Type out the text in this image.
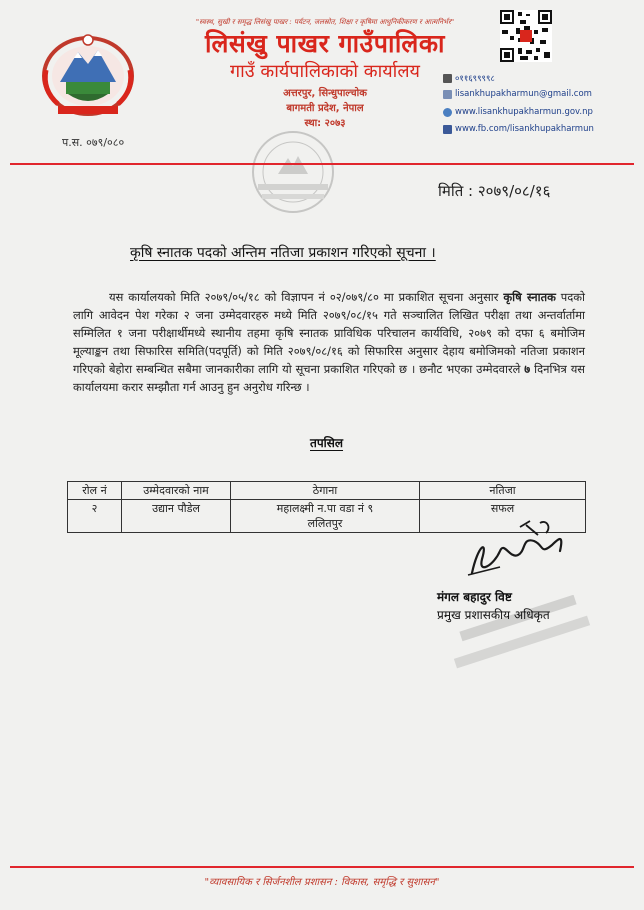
"स्वस्थ, सुखी र समृद्ध लिसंखु पाखर : पर्यटन, जलस्रोत, शिक्षा र कृषिमा आधुनिकीकरण र आत्मनिर्भर"
लिसंखु पाखर गाउँपालिका
गाउँ कार्यपालिकाको कार्यालय
अत्तरपुर, सिन्धुपाल्चोक
बागमती प्रदेश, नेपाल
स्था: २०७३
०११६९९९९८
lisankhupakharmun@gmail.com
www.lisankhupakharmun.gov.np
www.fb.com/lisankhupakharmun
प.स. ०७९/०८०
मिति : २०७९/०८/१६
कृषि स्नातक पदको अन्तिम नतिजा प्रकाशन गरिएको सूचना ।
यस कार्यालयको मिति २०७९/०५/१८ को विज्ञापन नं ०२/०७९/८० मा प्रकाशित सूचना अनुसार कृषि स्नातक पदको लागि आवेदन पेश गरेका २ जना उम्मेदवारहरु मध्ये मिति २०७९/०८/१५ गते सञ्चालित लिखित परीक्षा तथा अन्तर्वार्तामा सम्मिलित १ जना परीक्षार्थीमध्ये स्थानीय तहमा कृषि स्नातक प्राविधिक परिचालन कार्यविधि, २०७९ को दफा ६ बमोजिम मूल्याङ्कन तथा सिफारिस समिति(पदपूर्ति) को मिति २०७९/०८/१६ को सिफारिस अनुसार देहाय बमोजिमको नतिजा प्रकाशन गरिएको बेहोरा सम्बन्धित सबैमा जानकारीका लागि यो सूचना प्रकाशित गरिएको छ । छनौट भएका उम्मेदवारले ७ दिनभित्र यस कार्यालयमा करार सम्झौता गर्न आउनु हुन अनुरोध गरिन्छ ।
तपसिल
रोल नं	उम्मेदवारको नाम	ठेगाना	नतिजा
२	उद्यान पौडेल	महालक्ष्मी न.पा वडा नं ९
ललितपुर	सफल
मंगल बहादुर विष्ट
प्रमुख प्रशासकीय अधिकृत
"व्यावसायिक र सिर्जनशील प्रशासन : विकास, समृद्धि र सुशासन"
